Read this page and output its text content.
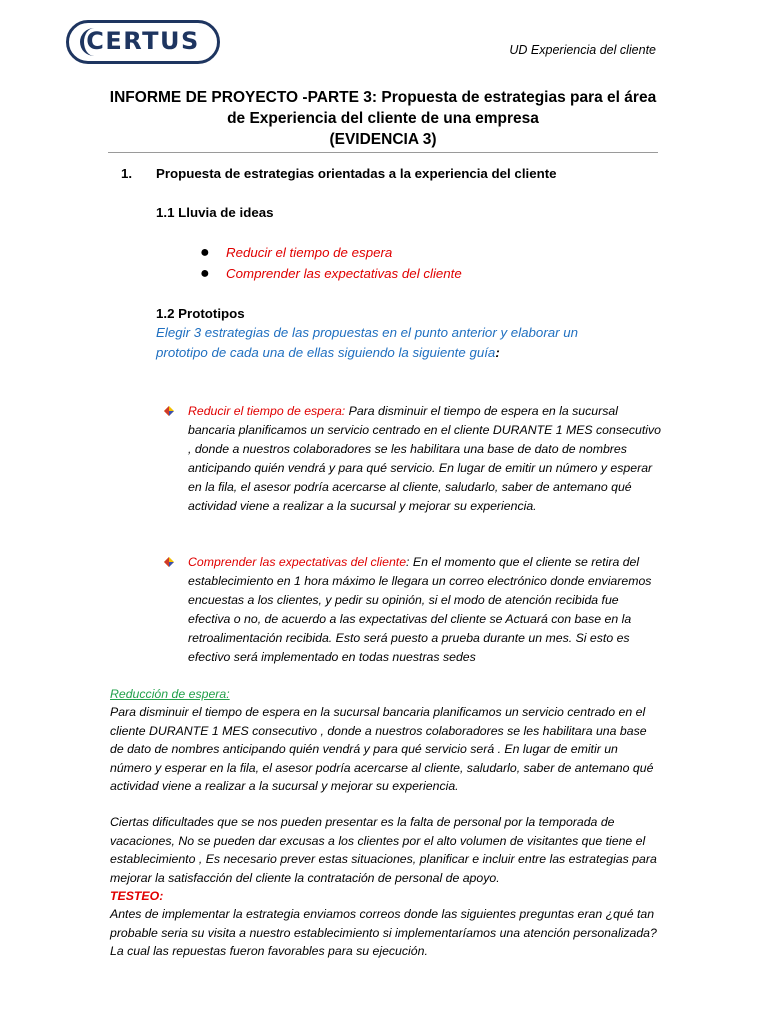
CERTUS	UD Experiencia del cliente
INFORME DE PROYECTO -PARTE 3: Propuesta de estrategias para el área
de Experiencia del cliente de una empresa
(EVIDENCIA 3)
1. Propuesta de estrategias orientadas a la experiencia del cliente
1.1 Lluvia de ideas
● Reducir el tiempo de espera
● Comprender las expectativas del cliente
1.2 Prototipos
Elegir 3 estrategias de las propuestas en el punto anterior y elaborar un prototipo de cada una de ellas siguiendo la siguiente guía:
Reducir el tiempo de espera: Para disminuir el tiempo de espera en la sucursal bancaria planificamos un servicio centrado en el cliente DURANTE 1 MES consecutivo , donde a nuestros colaboradores se les habilitara una base de dato de nombres anticipando quién vendrá y para qué servicio. En lugar de emitir un número y esperar en la fila, el asesor podría acercarse al cliente, saludarlo, saber de antemano qué actividad viene a realizar a la sucursal y mejorar su experiencia.
Comprender las expectativas del cliente: En el momento que el cliente se retira del establecimiento en 1 hora máximo le llegara un correo electrónico donde enviaremos encuestas a los clientes, y pedir su opinión, si el modo de atención recibida fue efectiva o no, de acuerdo a las expectativas del cliente se Actuará con base en la retroalimentación recibida. Esto será puesto a prueba durante un mes. Si esto es efectivo será implementado en todas nuestras sedes
Reducción de espera:
Para disminuir el tiempo de espera en la sucursal bancaria planificamos un servicio centrado en el cliente DURANTE 1 MES consecutivo , donde a nuestros colaboradores se les habilitara una base de dato de nombres anticipando quién vendrá y para qué servicio será . En lugar de emitir un número y esperar en la fila, el asesor podría acercarse al cliente, saludarlo, saber de antemano qué actividad viene a realizar a la sucursal y mejorar su experiencia.
Ciertas dificultades que se nos pueden presentar es la falta de personal por la temporada de vacaciones, No se pueden dar excusas a los clientes por el alto volumen de visitantes que tiene el establecimiento , Es necesario prever estas situaciones, planificar e incluir entre las estrategias para mejorar la satisfacción del cliente la contratación de personal de apoyo.
TESTEO:
Antes de implementar la estrategia enviamos correos donde las siguientes preguntas eran ¿qué tan probable seria su visita a nuestro establecimiento si implementaríamos una atención personalizada? La cual las repuestas fueron favorables para su ejecución.
